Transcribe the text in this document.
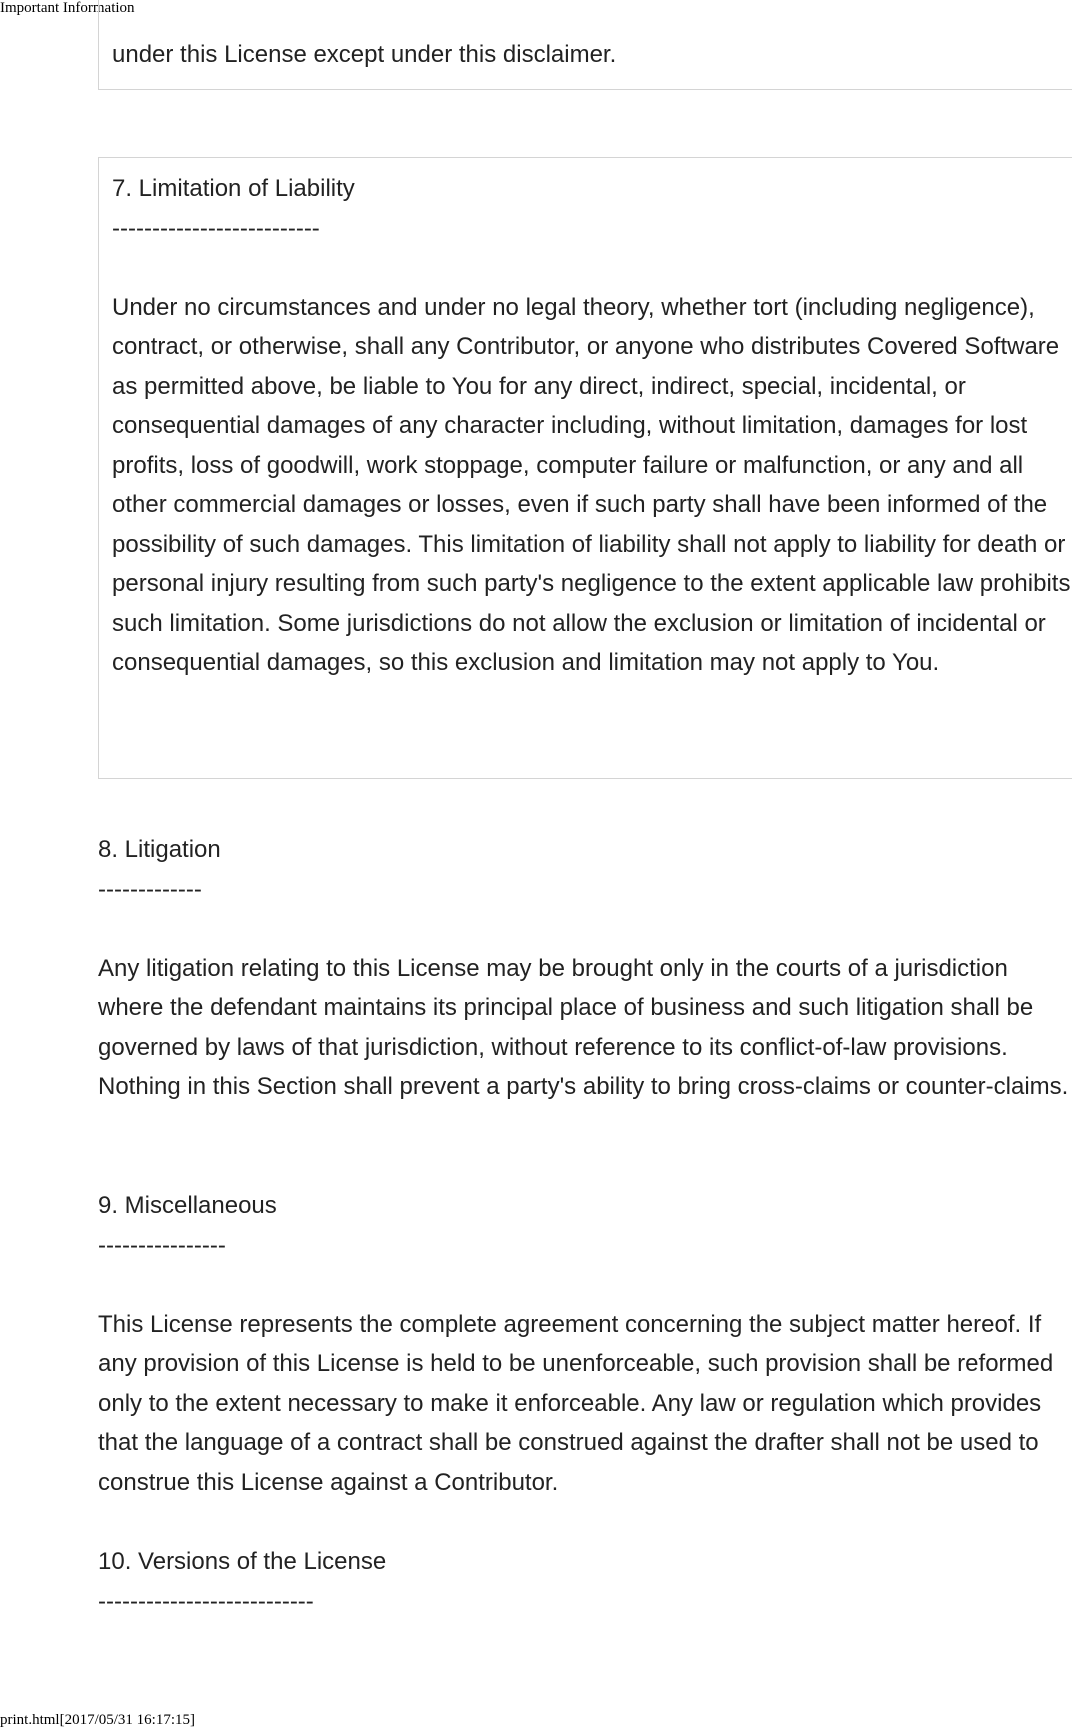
Important Information
under this License except under this disclaimer.
7. Limitation of Liability
--------------------------
Under no circumstances and under no legal theory, whether tort (including negligence), contract, or otherwise, shall any Contributor, or anyone who distributes Covered Software as permitted above, be liable to You for any direct, indirect, special, incidental, or consequential damages of any character including, without limitation, damages for lost profits, loss of goodwill, work stoppage, computer failure or malfunction, or any and all other commercial damages or losses, even if such party shall have been informed of the possibility of such damages. This limitation of liability shall not apply to liability for death or personal injury resulting from such party's negligence to the extent applicable law prohibits such limitation. Some jurisdictions do not allow the exclusion or limitation of incidental or consequential damages, so this exclusion and limitation may not apply to You.
8. Litigation
-------------
Any litigation relating to this License may be brought only in the courts of a jurisdiction where the defendant maintains its principal place of business and such litigation shall be governed by laws of that jurisdiction, without reference to its conflict-of-law provisions. Nothing in this Section shall prevent a party's ability to bring cross-claims or counter-claims.
9. Miscellaneous
----------------
This License represents the complete agreement concerning the subject matter hereof. If any provision of this License is held to be unenforceable, such provision shall be reformed only to the extent necessary to make it enforceable. Any law or regulation which provides that the language of a contract shall be construed against the drafter shall not be used to construe this License against a Contributor.
10. Versions of the License
---------------------------
print.html[2017/05/31 16:17:15]
